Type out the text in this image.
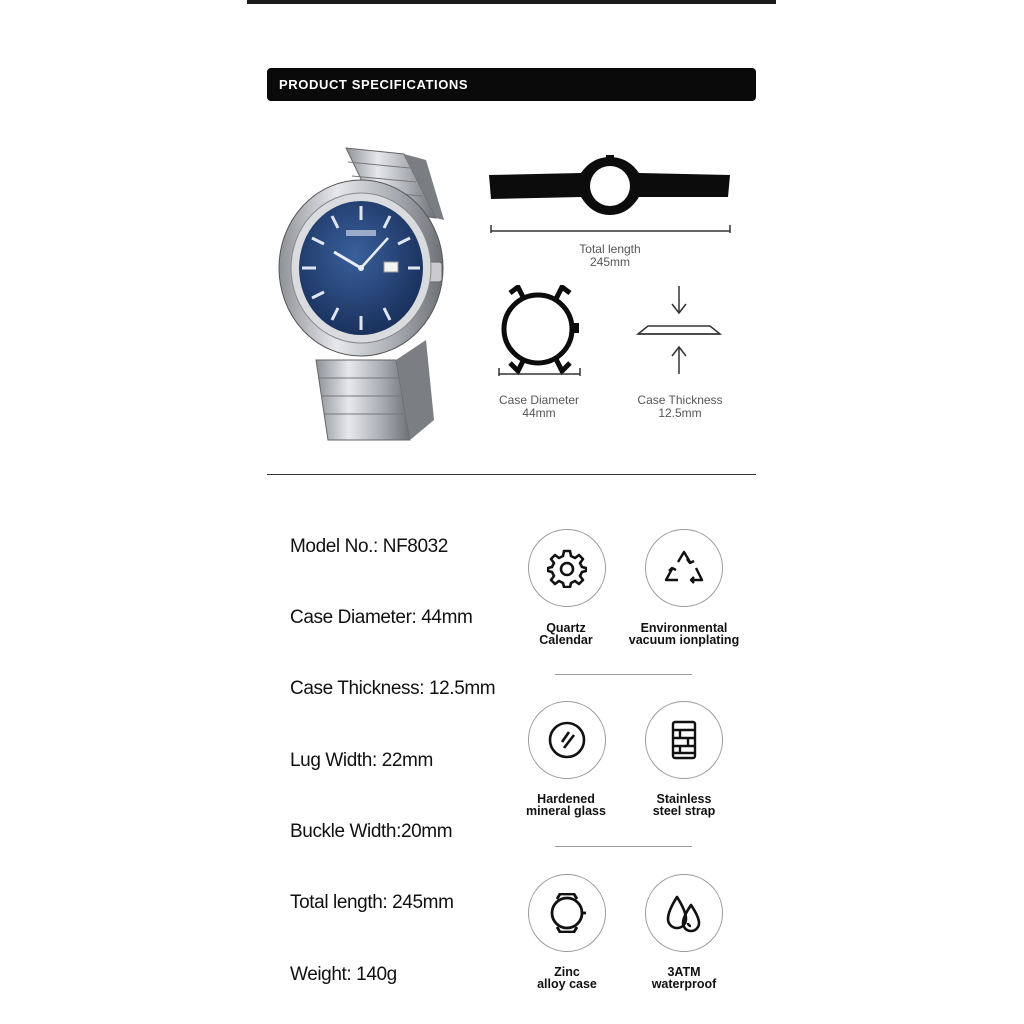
PRODUCT SPECIFICATIONS
Total length
245mm
Case Diameter
44mm
Case Thickness
12.5mm
Model No.: NF8032
Case Diameter: 44mm
Case Thickness: 12.5mm
Lug Width: 22mm
Buckle Width:20mm
Total length: 245mm
Weight: 140g
Quartz
Calendar
Environmental
vacuum ionplating
Hardened
mineral glass
Stainless
steel strap
Zinc
alloy case
3ATM
waterproof
